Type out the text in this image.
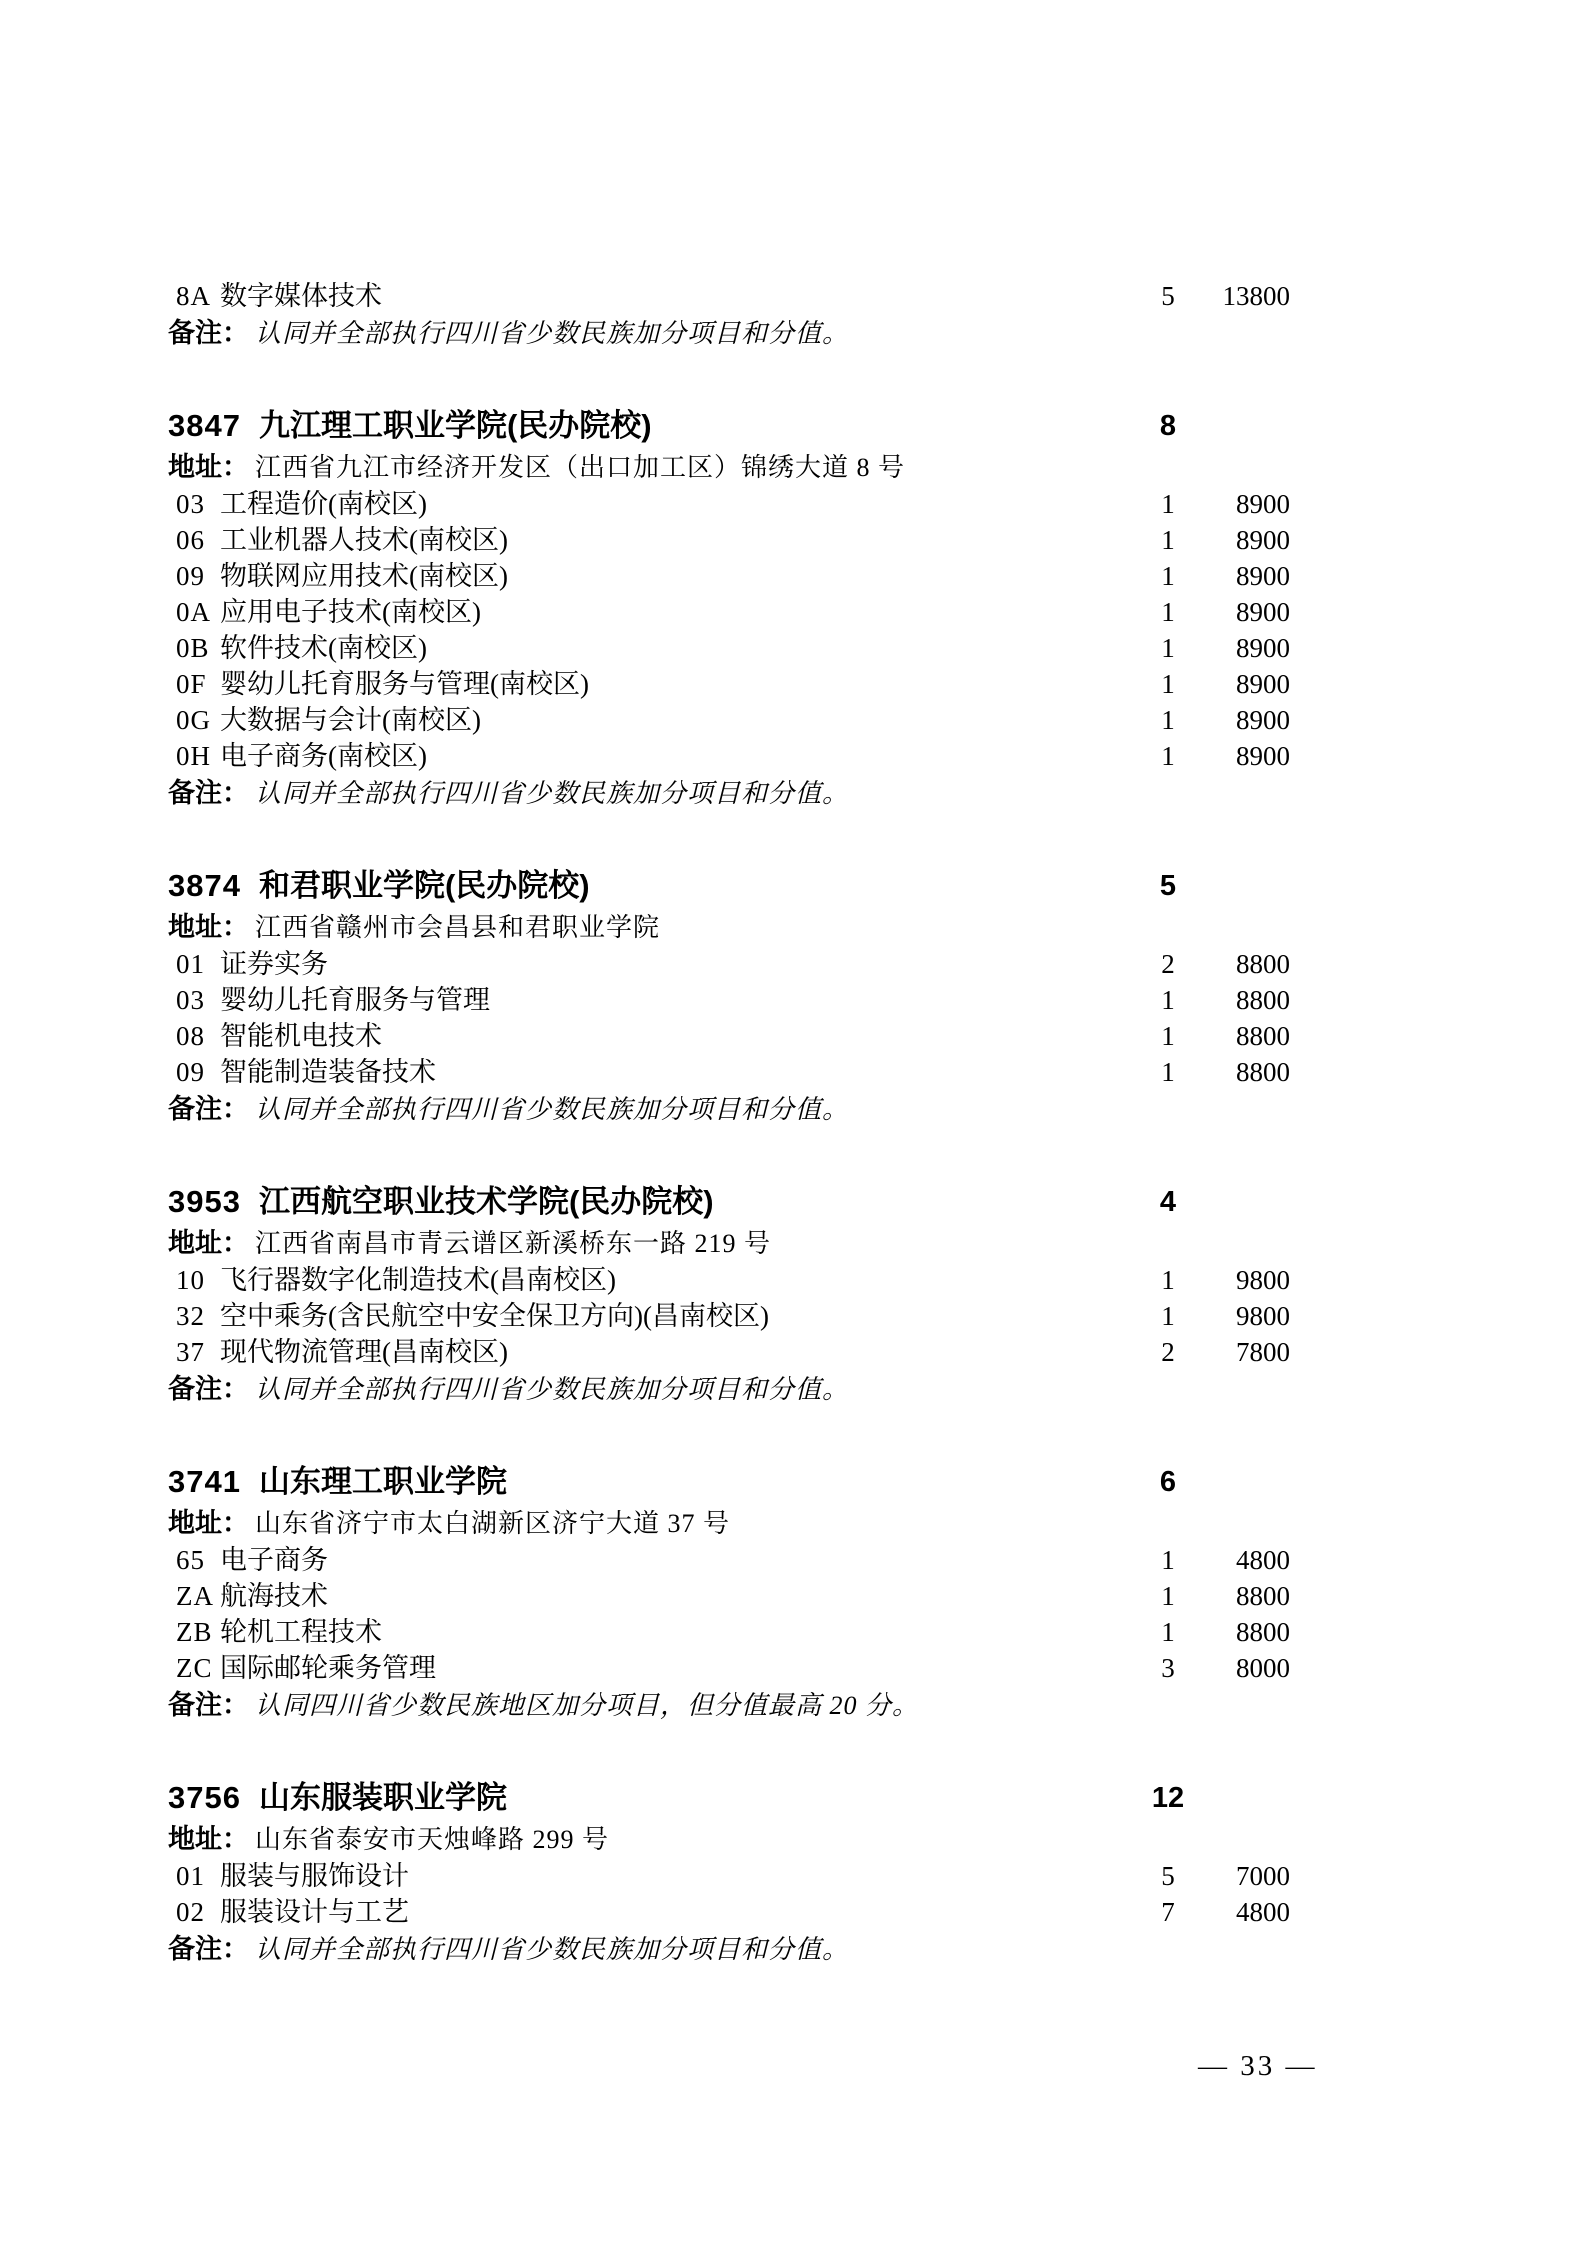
8A 数字媒体技术	5	13800
备注： 认同并全部执行四川省少数民族加分项目和分值。
3847 九江理工职业学院(民办院校)	8
地址： 江西省九江市经济开发区（出口加工区）锦绣大道 8 号
03 工程造价(南校区)	1	8900
06 工业机器人技术(南校区)	1	8900
09 物联网应用技术(南校区)	1	8900
0A 应用电子技术(南校区)	1	8900
0B 软件技术(南校区)	1	8900
0F 婴幼儿托育服务与管理(南校区)	1	8900
0G 大数据与会计(南校区)	1	8900
0H 电子商务(南校区)	1	8900
备注： 认同并全部执行四川省少数民族加分项目和分值。
3874 和君职业学院(民办院校)	5
地址： 江西省赣州市会昌县和君职业学院
01 证券实务	2	8800
03 婴幼儿托育服务与管理	1	8800
08 智能机电技术	1	8800
09 智能制造装备技术	1	8800
备注： 认同并全部执行四川省少数民族加分项目和分值。
3953 江西航空职业技术学院(民办院校)	4
地址： 江西省南昌市青云谱区新溪桥东一路 219 号
10 飞行器数字化制造技术(昌南校区)	1	9800
32 空中乘务(含民航空中安全保卫方向)(昌南校区)	1	9800
37 现代物流管理(昌南校区)	2	7800
备注： 认同并全部执行四川省少数民族加分项目和分值。
3741 山东理工职业学院	6
地址： 山东省济宁市太白湖新区济宁大道 37 号
65 电子商务	1	4800
ZA 航海技术	1	8800
ZB 轮机工程技术	1	8800
ZC 国际邮轮乘务管理	3	8000
备注： 认同四川省少数民族地区加分项目，但分值最高 20 分。
3756 山东服装职业学院	12
地址： 山东省泰安市天烛峰路 299 号
01 服装与服饰设计	5	7000
02 服装设计与工艺	7	4800
备注： 认同并全部执行四川省少数民族加分项目和分值。
— 33 —
